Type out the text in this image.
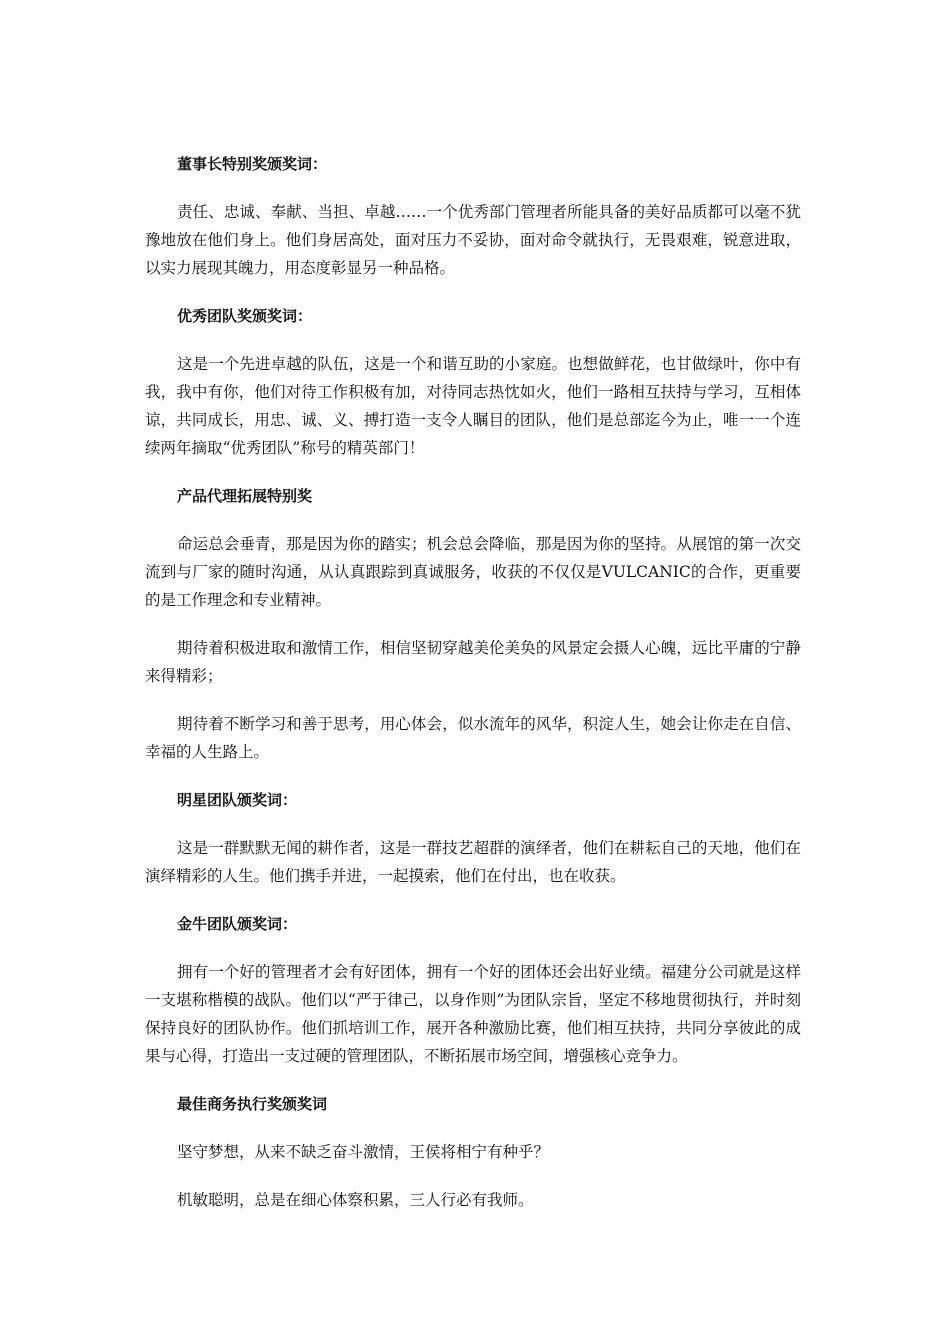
董事长特别奖颁奖词：

责任、忠诚、奉献、当担、卓越……一个优秀部门管理者所能具备的美好品质都可以毫不犹豫地放在他们身上。他们身居高处，面对压力不妥协，面对命令就执行，无畏艰难，锐意进取，以实力展现其魄力，用态度彰显另一种品格。

优秀团队奖颁奖词：

这是一个先进卓越的队伍，这是一个和谐互助的小家庭。也想做鲜花，也甘做绿叶，你中有我，我中有你，他们对待工作积极有加，对待同志热忱如火，他们一路相互扶持与学习，互相体谅，共同成长，用忠、诚、义、搏打造一支令人瞩目的团队，他们是总部迄今为止，唯一一个连续两年摘取“优秀团队”称号的精英部门！

产品代理拓展特别奖

命运总会垂青，那是因为你的踏实；机会总会降临，那是因为你的坚持。从展馆的第一次交流到与厂家的随时沟通，从认真跟踪到真诚服务，收获的不仅仅是VULCANIC的合作，更重要的是工作理念和专业精神。

期待着积极进取和激情工作，相信坚韧穿越美伦美奂的风景定会摄人心魄，远比平庸的宁静来得精彩；

期待着不断学习和善于思考，用心体会，似水流年的风华，积淀人生，她会让你走在自信、幸福的人生路上。

明星团队颁奖词：

这是一群默默无闻的耕作者，这是一群技艺超群的演绎者，他们在耕耘自己的天地，他们在演绎精彩的人生。他们携手并进，一起摸索，他们在付出，也在收获。

金牛团队颁奖词：

拥有一个好的管理者才会有好团体，拥有一个好的团体还会出好业绩。福建分公司就是这样一支堪称楷模的战队。他们以“严于律己，以身作则”为团队宗旨，坚定不移地贯彻执行，并时刻保持良好的团队协作。他们抓培训工作，展开各种激励比赛，他们相互扶持，共同分享彼此的成果与心得，打造出一支过硬的管理团队，不断拓展市场空间，增强核心竞争力。

最佳商务执行奖颁奖词

坚守梦想，从来不缺乏奋斗激情，王侯将相宁有种乎？

机敏聪明，总是在细心体察积累，三人行必有我师。
